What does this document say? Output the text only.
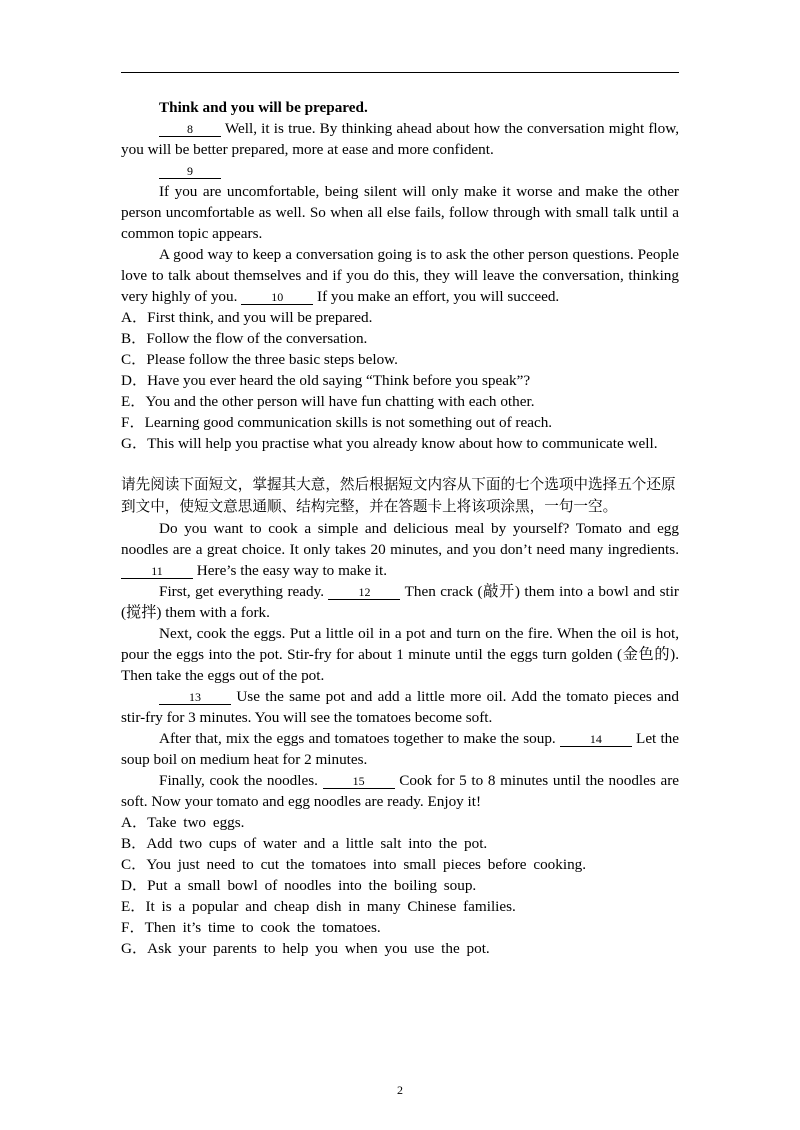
Think and you will be prepared.

8 Well, it is true. By thinking ahead about how the conversation might flow, you will be better prepared, more at ease and more confident.

9

If you are uncomfortable, being silent will only make it worse and make the other person uncomfortable as well. So when all else fails, follow through with small talk until a common topic appears.

A good way to keep a conversation going is to ask the other person questions. People love to talk about themselves and if you do this, they will leave the conversation, thinking very highly of you.	10 If you make an effort, you will succeed.

A．First think, and you will be prepared.

B．Follow the flow of the conversation.

C．Please follow the three basic steps below.

D．Have you ever heard the old saying “Think before you speak”?

E．You and the other person will have fun chatting with each other.

F．Learning good communication skills is not something out of reach.

G．This will help you practise what you already know about how to communicate well.

请先阅读下面短文，掌握其大意，然后根据短文内容从下面的七个选项中选择五个还原到文中，使短文意思通顺、结构完整，并在答题卡上将该项涂黑，一句一空。

Do you want to cook a simple and delicious meal by yourself? Tomato and egg noodles are a great choice. It only takes 20 minutes, and you don’t need many ingredients. 11 Here’s the easy way to make it.

First, get everything ready.	12 Then crack (敲开) them into a bowl and stir (搅拌) them with a fork.

Next, cook the eggs. Put a little oil in a pot and turn on the fire. When the oil is hot, pour the eggs into the pot. Stir-fry for about 1 minute until the eggs turn golden (金色的). Then take the eggs out of the pot.

13 Use the same pot and add a little more oil. Add the tomato pieces and stir-fry for 3 minutes. You will see the tomatoes become soft.

After that, mix the eggs and tomatoes together to make the soup.	14 Let the soup boil on medium heat for 2 minutes.

Finally, cook the noodles.	15 Cook for 5 to 8 minutes until the noodles are soft. Now your tomato and egg noodles are ready. Enjoy it!

A．Take two eggs.

B．Add two cups of water and a little salt into the pot.

C．You just need to cut the tomatoes into small pieces before cooking.

D．Put a small bowl of noodles into the boiling soup.

E．It is a popular and cheap dish in many Chinese families.

F．Then it’s time to cook the tomatoes.

G．Ask your parents to help you when you use the pot.

2
